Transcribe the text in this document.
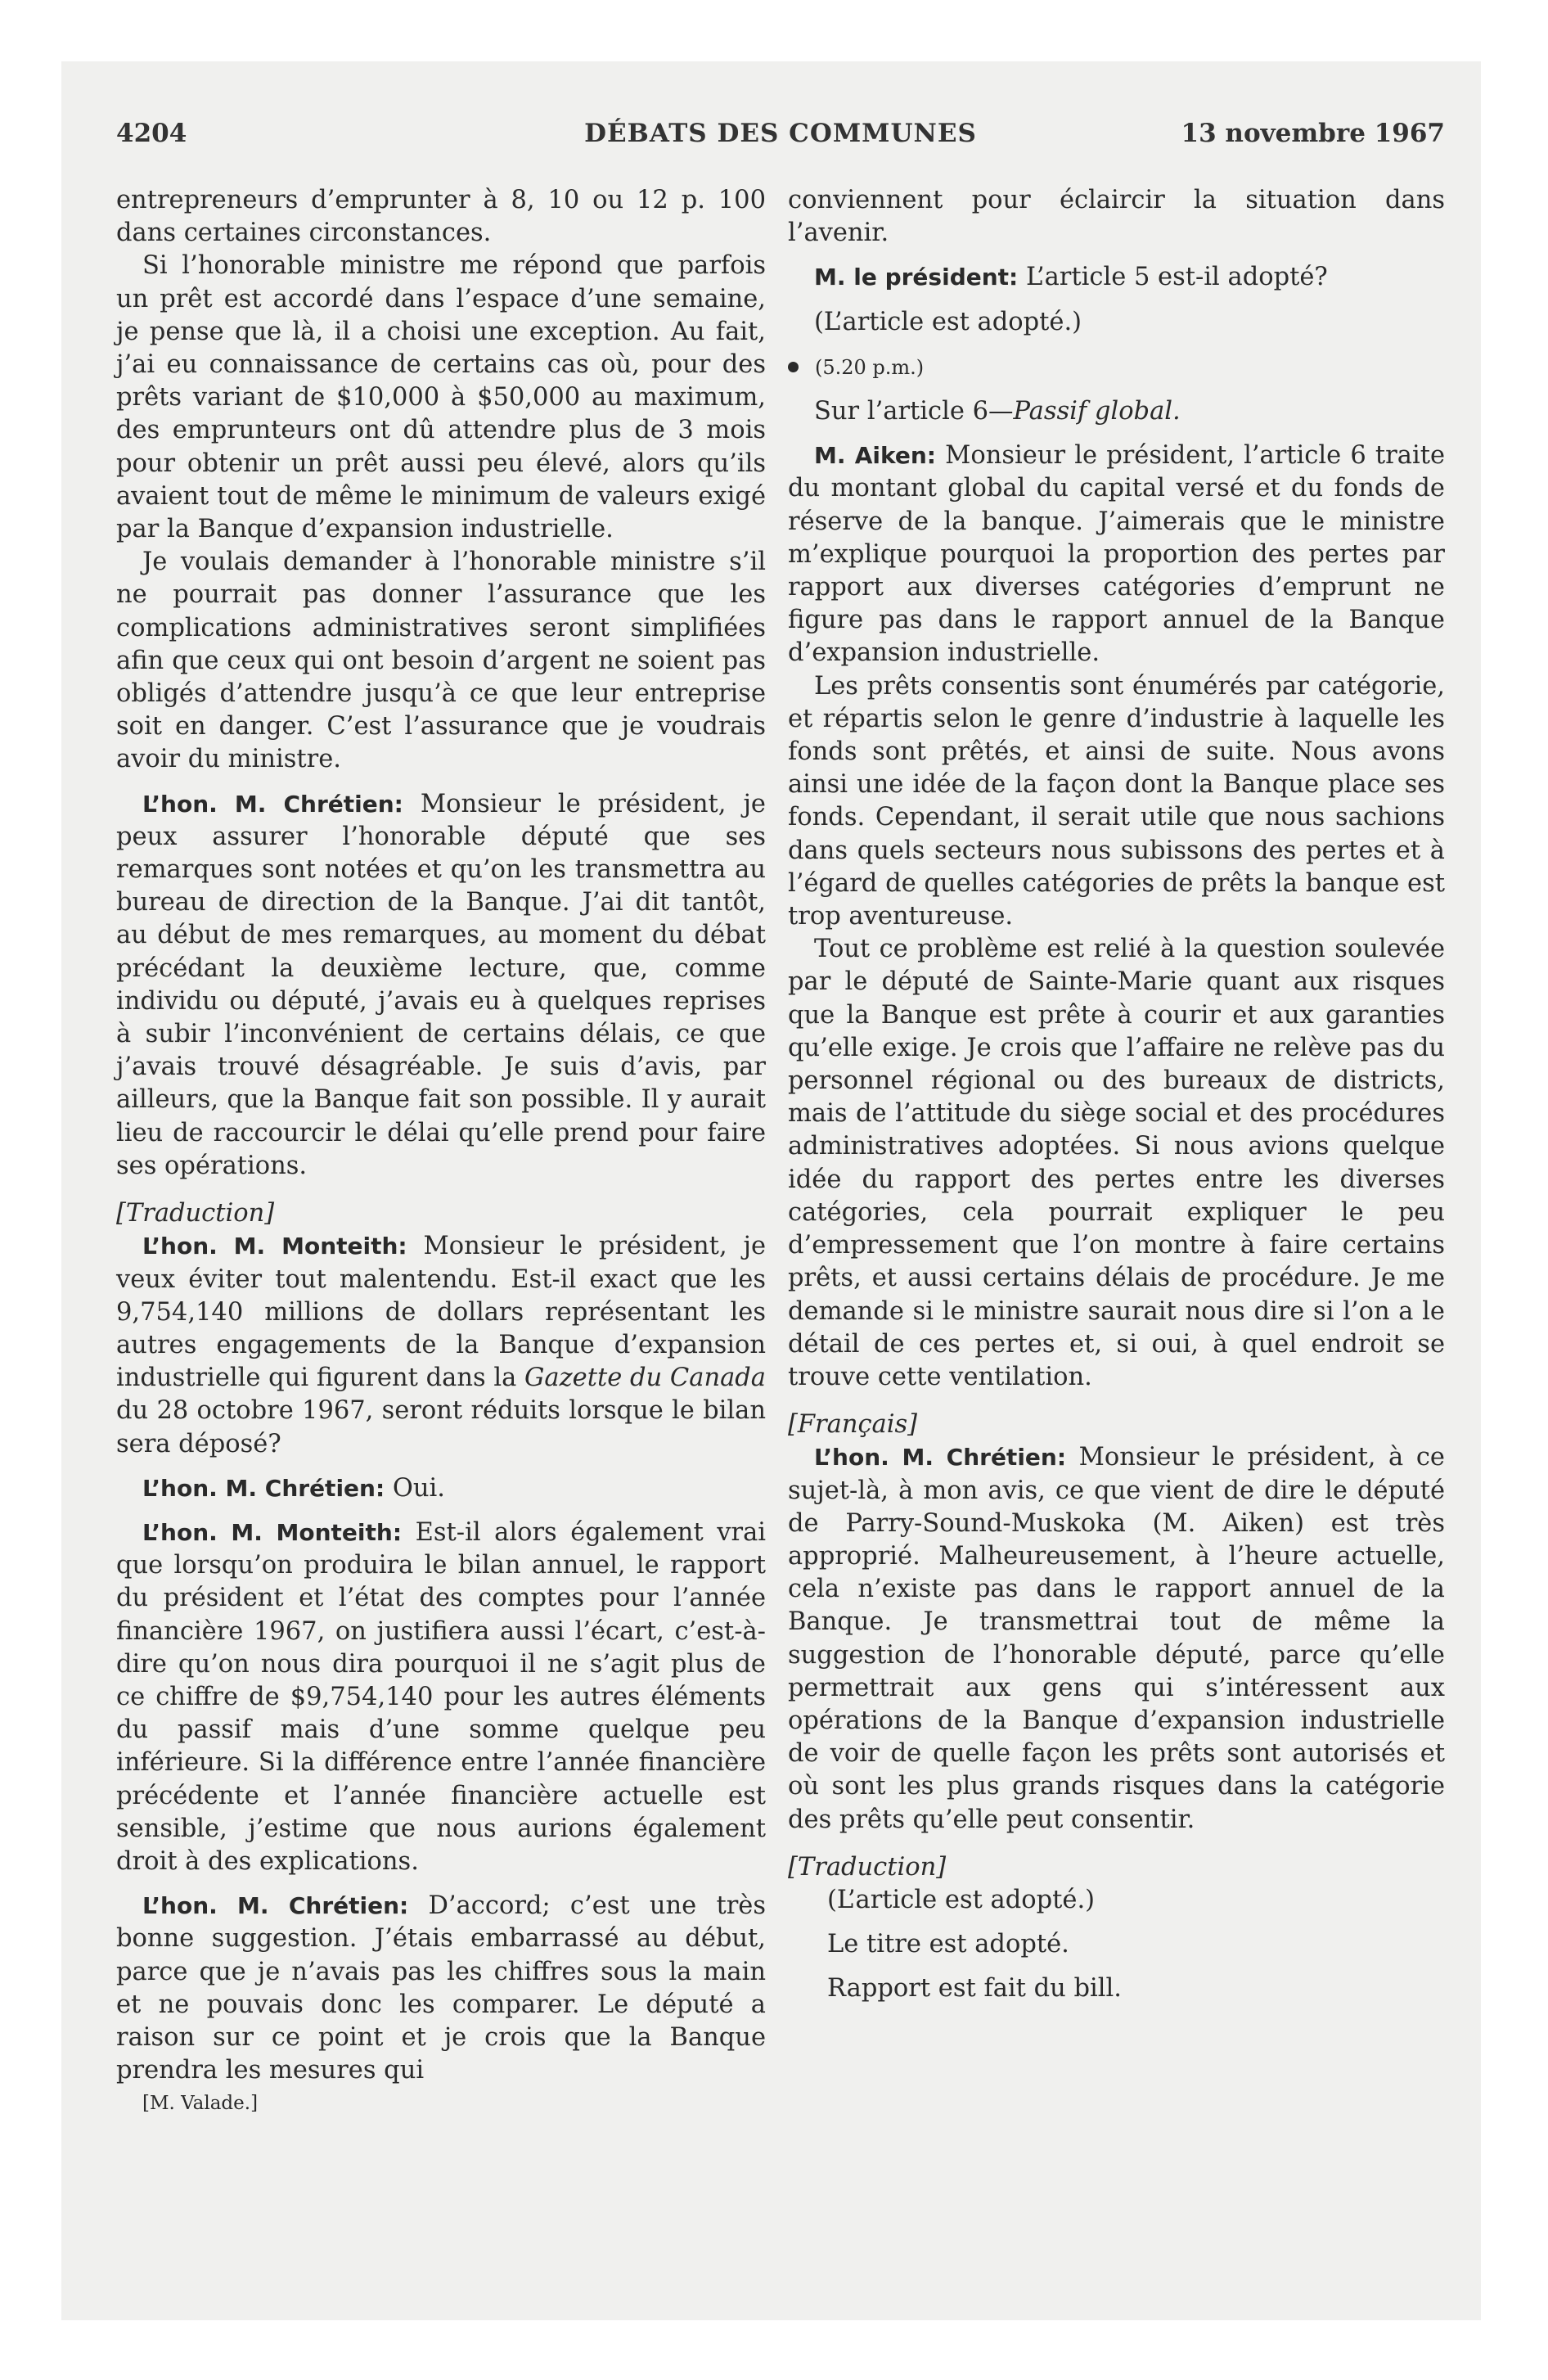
4204	DÉBATS DES COMMUNES	13 novembre 1967

entrepreneurs d’emprunter à 8, 10 ou 12 p. 100 dans certaines circonstances.

Si l’honorable ministre me répond que parfois un prêt est accordé dans l’espace d’une semaine, je pense que là, il a choisi une exception. Au fait, j’ai eu connaissance de certains cas où, pour des prêts variant de $10,000 à $50,000 au maximum, des emprunteurs ont dû attendre plus de 3 mois pour obtenir un prêt aussi peu élevé, alors qu’ils avaient tout de même le minimum de valeurs exigé par la Banque d’expansion industrielle.

Je voulais demander à l’honorable ministre s’il ne pourrait pas donner l’assurance que les complications administratives seront simplifiées afin que ceux qui ont besoin d’argent ne soient pas obligés d’attendre jusqu’à ce que leur entreprise soit en danger. C’est l’assurance que je voudrais avoir du ministre.

L’hon. M. Chrétien: Monsieur le président, je peux assurer l’honorable député que ses remarques sont notées et qu’on les transmettra au bureau de direction de la Banque. J’ai dit tantôt, au début de mes remarques, au moment du débat précédant la deuxième lecture, que, comme individu ou député, j’avais eu à quelques reprises à subir l’inconvénient de certains délais, ce que j’avais trouvé désagréable. Je suis d’avis, par ailleurs, que la Banque fait son possible. Il y aurait lieu de raccourcir le délai qu’elle prend pour faire ses opérations.

[Traduction]

L’hon. M. Monteith: Monsieur le président, je veux éviter tout malentendu. Est-il exact que les 9,754,140 millions de dollars représentant les autres engagements de la Banque d’expansion industrielle qui figurent dans la Gazette du Canada du 28 octobre 1967, seront réduits lorsque le bilan sera déposé?

L’hon. M. Chrétien: Oui.

L’hon. M. Monteith: Est-il alors également vrai que lorsqu’on produira le bilan annuel, le rapport du président et l’état des comptes pour l’année financière 1967, on justifiera aussi l’écart, c’est-à-dire qu’on nous dira pourquoi il ne s’agit plus de ce chiffre de $9,754,140 pour les autres éléments du passif mais d’une somme quelque peu inférieure. Si la différence entre l’année financière précédente et l’année financière actuelle est sensible, j’estime que nous aurions également droit à des explications.

L’hon. M. Chrétien: D’accord; c’est une très bonne suggestion. J’étais embarrassé au début, parce que je n’avais pas les chiffres sous la main et ne pouvais donc les comparer. Le député a raison sur ce point et je crois que la Banque prendra les mesures qui

[M. Valade.]

conviennent pour éclaircir la situation dans l’avenir.

M. le président: L’article 5 est-il adopté?

(L’article est adopté.)

(5.20 p.m.)

Sur l’article 6—Passif global.

M. Aiken: Monsieur le président, l’article 6 traite du montant global du capital versé et du fonds de réserve de la banque. J’aimerais que le ministre m’explique pourquoi la proportion des pertes par rapport aux diverses catégories d’emprunt ne figure pas dans le rapport annuel de la Banque d’expansion industrielle.

Les prêts consentis sont énumérés par catégorie, et répartis selon le genre d’industrie à laquelle les fonds sont prêtés, et ainsi de suite. Nous avons ainsi une idée de la façon dont la Banque place ses fonds. Cependant, il serait utile que nous sachions dans quels secteurs nous subissons des pertes et à l’égard de quelles catégories de prêts la banque est trop aventureuse.

Tout ce problème est relié à la question soulevée par le député de Sainte-Marie quant aux risques que la Banque est prête à courir et aux garanties qu’elle exige. Je crois que l’affaire ne relève pas du personnel régional ou des bureaux de districts, mais de l’attitude du siège social et des procédures administratives adoptées. Si nous avions quelque idée du rapport des pertes entre les diverses catégories, cela pourrait expliquer le peu d’empressement que l’on montre à faire certains prêts, et aussi certains délais de procédure. Je me demande si le ministre saurait nous dire si l’on a le détail de ces pertes et, si oui, à quel endroit se trouve cette ventilation.

[Français]

L’hon. M. Chrétien: Monsieur le président, à ce sujet-là, à mon avis, ce que vient de dire le député de Parry-Sound-Muskoka (M. Aiken) est très approprié. Malheureusement, à l’heure actuelle, cela n’existe pas dans le rapport annuel de la Banque. Je transmettrai tout de même la suggestion de l’honorable député, parce qu’elle permettrait aux gens qui s’intéressent aux opérations de la Banque d’expansion industrielle de voir de quelle façon les prêts sont autorisés et où sont les plus grands risques dans la catégorie des prêts qu’elle peut consentir.

[Traduction]

(L’article est adopté.)

Le titre est adopté.

Rapport est fait du bill.
